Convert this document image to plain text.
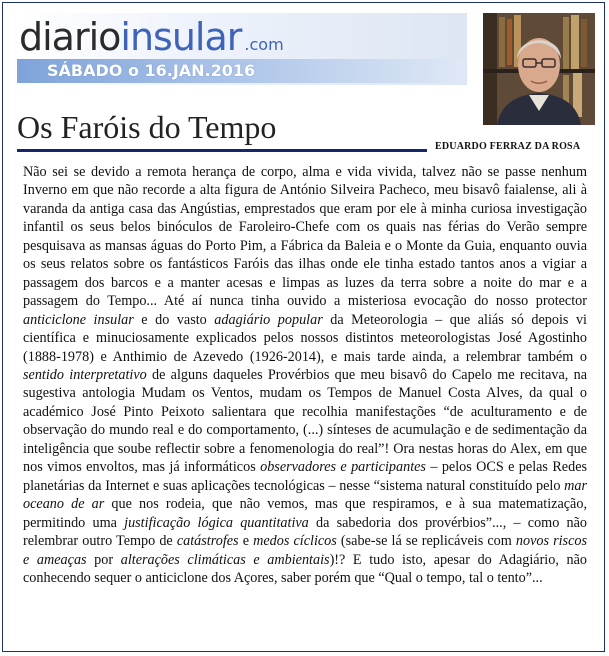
diarioinsular .com
SÁBADO o 16.JAN.2016
Os Faróis do Tempo
EDUARDO FERRAZ DA ROSA

Não sei se devido a remota herança de corpo, alma e vida vivida, talvez não se passe nenhum Inverno em que não recorde a alta figura de António Silveira Pacheco, meu bisavô faialense, ali à varanda da antiga casa das Angústias, emprestados que eram por ele à minha curiosa investigação infantil os seus belos binóculos de Faroleiro-Chefe com os quais nas férias do Verão sempre pesquisava as mansas águas do Porto Pim, a Fábrica da Baleia e o Monte da Guia, enquanto ouvia os seus relatos sobre os fantásticos Faróis das ilhas onde ele tinha estado tantos anos a vigiar a passagem dos barcos e a manter acesas e limpas as luzes da terra sobre a noite do mar e a passagem do Tempo... Até aí nunca tinha ouvido a misteriosa evocação do nosso protector anticiclone insular e do vasto adagiário popular da Meteorologia – que aliás só depois vi científica e minuciosamente explicados pelos nossos distintos meteorologistas José Agostinho (1888-1978) e Anthimio de Azevedo (1926-2014), e mais tarde ainda, a relembrar também o sentido interpretativo de alguns daqueles Provérbios que meu bisavô do Capelo me recitava, na sugestiva antologia Mudam os Ventos, mudam os Tempos de Manuel Costa Alves, da qual o académico José Pinto Peixoto salientara que recolhia manifestações “de aculturamento e de observação do mundo real e do comportamento, (...) sínteses de acumulação e de sedimentação da inteligência que soube reflectir sobre a fenomenologia do real”! Ora nestas horas do Alex, em que nos vimos envoltos, mas já informáticos observadores e participantes – pelos OCS e pelas Redes planetárias da Internet e suas aplicações tecnológicas – nesse “sistema natural constituído pelo mar oceano de ar que nos rodeia, que não vemos, mas que respiramos, e à sua matematização, permitindo uma justificação lógica quantitativa da sabedoria dos provérbios”..., – como não relembrar outro Tempo de catástrofes e medos cíclicos (sabe-se lá se replicáveis com novos riscos e ameaças por alterações climáticas e ambientais)!? E tudo isto, apesar do Adagiário, não conhecendo sequer o anticiclone dos Açores, saber porém que “Qual o tempo, tal o tento”...
